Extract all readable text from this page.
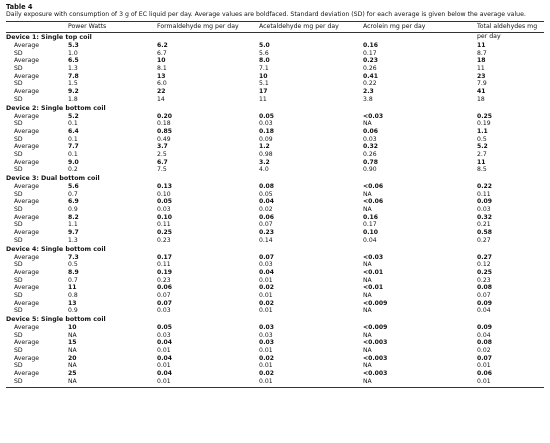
Table 4
Daily exposure with consumption of 3 g of EC liquid per day. Average values are boldfaced. Standard deviation (SD) for each average is given below the average value.
Power Watts	Formaldehyde mg per day	Acetaldehyde mg per day	Acrolein mg per day	Total aldehydes mg per day
Device 1: Single top coil
Average	5.3	6.2	5.0	0.16	11
SD	1.0	6.7	5.6	0.17	8.7
Average	6.5	10	8.0	0.23	18
SD	1.3	8.1	7.1	0.26	11
Average	7.8	13	10	0.41	23
SD	1.5	6.0	5.1	0.22	7.9
Average	9.2	22	17	2.3	41
SD	1.8	14	11	3.8	18
Device 2: Single bottom coil
Average	5.2	0.20	0.05	<0.03	0.25
SD	0.1	0.18	0.03	NA	0.19
Average	6.4	0.85	0.18	0.06	1.1
SD	0.1	0.49	0.09	0.03	0.5
Average	7.7	3.7	1.2	0.32	5.2
SD	0.1	2.5	0.98	0.26	2.7
Average	9.0	6.7	3.2	0.78	11
SD	0.2	7.5	4.0	0.90	8.5
Device 3: Dual bottom coil
Average	5.6	0.13	0.08	<0.06	0.22
SD	0.7	0.10	0.05	NA	0.11
Average	6.9	0.05	0.04	<0.06	0.09
SD	0.9	0.03	0.02	NA	0.03
Average	8.2	0.10	0.06	0.16	0.32
SD	1.1	0.11	0.07	0.17	0.21
Average	9.7	0.25	0.23	0.10	0.58
SD	1.3	0.23	0.14	0.04	0.27
Device 4: Single bottom coil
Average	7.3	0.17	0.07	<0.03	0.27
SD	0.5	0.11	0.03	NA	0.12
Average	8.9	0.19	0.04	<0.01	0.25
SD	0.7	0.23	0.01	NA	0.23
Average	11	0.06	0.02	<0.01	0.08
SD	0.8	0.07	0.01	NA	0.07
Average	13	0.07	0.02	<0.009	0.09
SD	0.9	0.03	0.01	NA	0.04
Device 5: Single bottom coil
Average	10	0.05	0.03	<0.009	0.09
SD	NA	0.03	0.03	NA	0.04
Average	15	0.04	0.03	<0.003	0.08
SD	NA	0.01	0.01	NA	0.02
Average	20	0.04	0.02	<0.003	0.07
SD	NA	0.01	0.01	NA	0.01
Average	25	0.04	0.02	<0.003	0.06
SD	NA	0.01	0.01	NA	0.01
